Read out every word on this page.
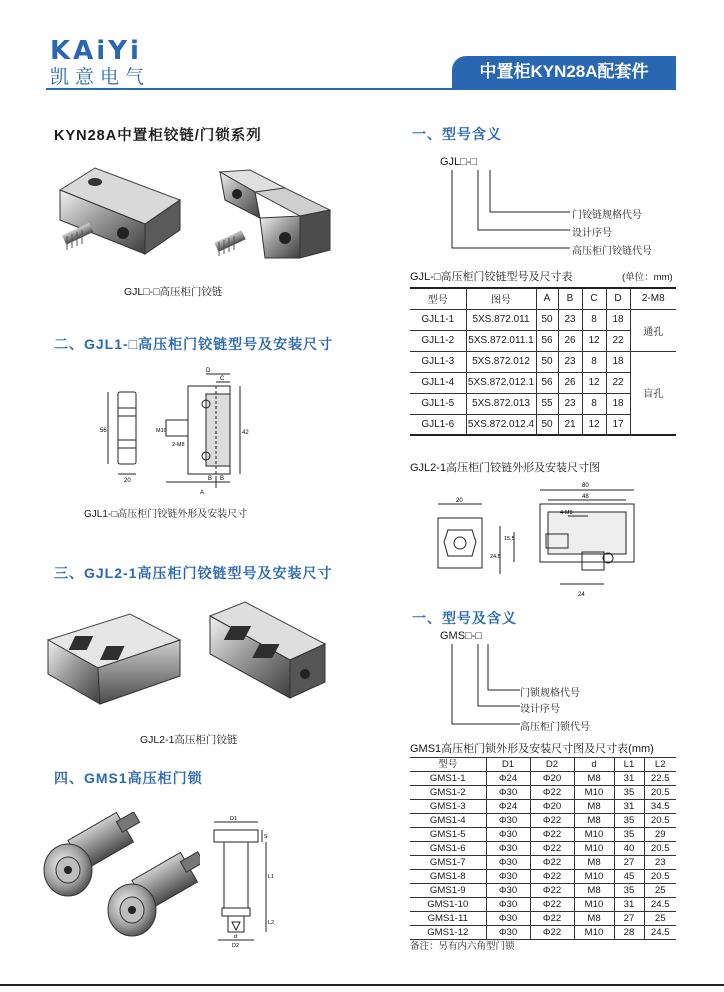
KAiYi
凯意电气	中置柜KYN28A配套件
KYN28A中置柜铰链/门锁系列
GJL□-□高压柜门铰链
二、GJL1-□高压柜门铰链型号及安装尺寸
56	42
20
D
C
2-M8
M10
A
B
B
GJL1-□高压柜门铰链外形及安装尺寸
三、GJL2-1高压柜门铰链型号及安装尺寸
GJL2-1高压柜门铰链
四、GMS1高压柜门锁
D1
S
L1
L2
d
D2
一、型号含义
GJL□-□
门铰链规格代号
设计序号
高压柜门铰链代号
GJL-□高压柜门铰链型号及尺寸表	(单位：mm)
型号	图号	A	B	C	D	2-M8
GJL1-1	5XS.872.011	50	23	8	18	通孔
GJL1-2	5XS.872.011.1	56	26	12	22	
GJL1-3	5XS.872.012	50	23	8	18	盲孔
GJL1-4	5XS.872.012.1	56	26	12	22	
GJL1-5	5XS.872.013	55	23	8	18	
GJL1-6	5XS.872.012.4	50	21	12	17	
GJL2-1高压柜门铰链外形及安装尺寸图
20
80
48
4-M8
15.5
24.5
24
一、型号及含义
GMS□-□
门锁规格代号
设计序号
高压柜门锁代号
GMS1高压柜门锁外形及安装尺寸图及尺寸表(mm)
型号	D1	D2	d	L1	L2
GMS1-1	Φ24	Φ20	M8	31	22.5
GMS1-2	Φ30	Φ22	M10	35	20.5
GMS1-3	Φ24	Φ20	M8	31	34.5
GMS1-4	Φ30	Φ22	M8	35	20.5
GMS1-5	Φ30	Φ22	M10	35	29
GMS1-6	Φ30	Φ22	M10	40	20.5
GMS1-7	Φ30	Φ22	M8	27	23
GMS1-8	Φ30	Φ22	M10	45	20.5
GMS1-9	Φ30	Φ22	M8	35	25
GMS1-10	Φ30	Φ22	M10	31	24.5
GMS1-11	Φ30	Φ22	M8	27	25
GMS1-12	Φ30	Φ22	M10	28	24.5
备注：另有内六角型门锁
